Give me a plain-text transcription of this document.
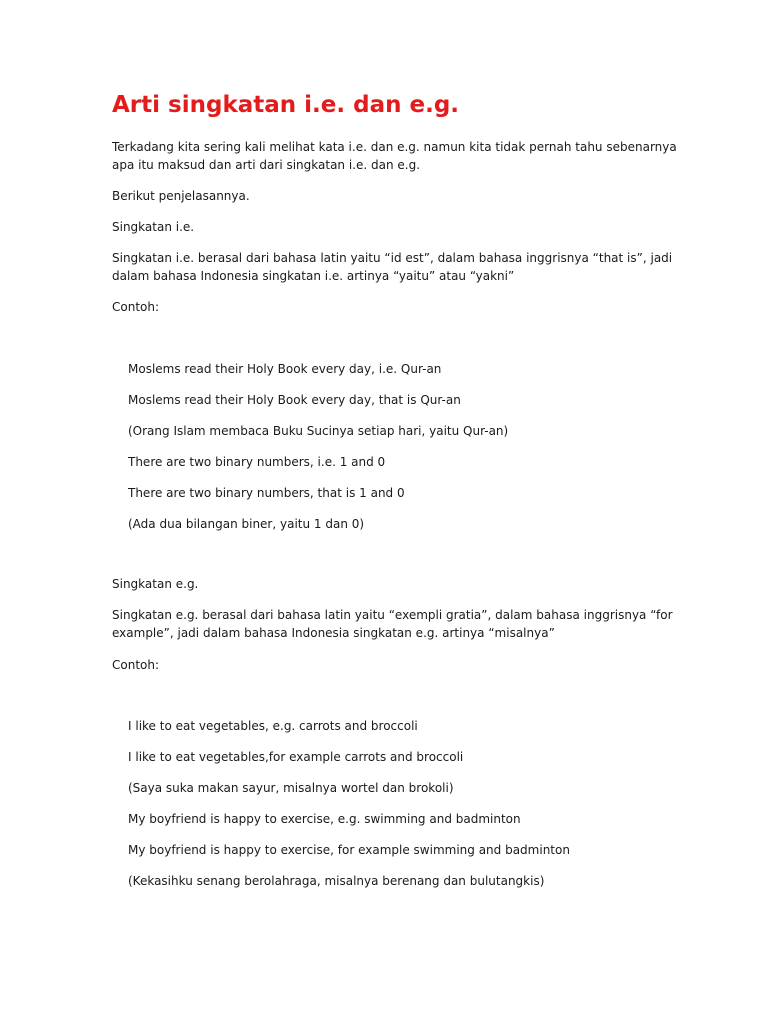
Arti singkatan i.e. dan e.g.

Terkadang kita sering kali melihat kata i.e. dan e.g. namun kita tidak pernah tahu sebenarnya

apa itu maksud dan arti dari singkatan i.e. dan e.g.

Berikut penjelasannya.

Singkatan i.e.

Singkatan i.e. berasal dari bahasa latin yaitu “id est”, dalam bahasa inggrisnya “that is”, jadi

dalam bahasa Indonesia singkatan i.e. artinya “yaitu” atau “yakni”

Contoh:

Moslems read their Holy Book every day, i.e. Qur-an

Moslems read their Holy Book every day, that is Qur-an

(Orang Islam membaca Buku Sucinya setiap hari, yaitu Qur-an)

There are two binary numbers, i.e. 1 and 0

There are two binary numbers, that is 1 and 0

(Ada dua bilangan biner, yaitu 1 dan 0)

Singkatan e.g.

Singkatan e.g. berasal dari bahasa latin yaitu “exempli gratia”, dalam bahasa inggrisnya “for

example”, jadi dalam bahasa Indonesia singkatan e.g. artinya “misalnya”

Contoh:

I like to eat vegetables, e.g. carrots and broccoli

I like to eat vegetables,for example carrots and broccoli

(Saya suka makan sayur, misalnya wortel dan brokoli)

My boyfriend is happy to exercise, e.g. swimming and badminton

My boyfriend is happy to exercise, for example swimming and badminton

(Kekasihku senang berolahraga, misalnya berenang dan bulutangkis)
